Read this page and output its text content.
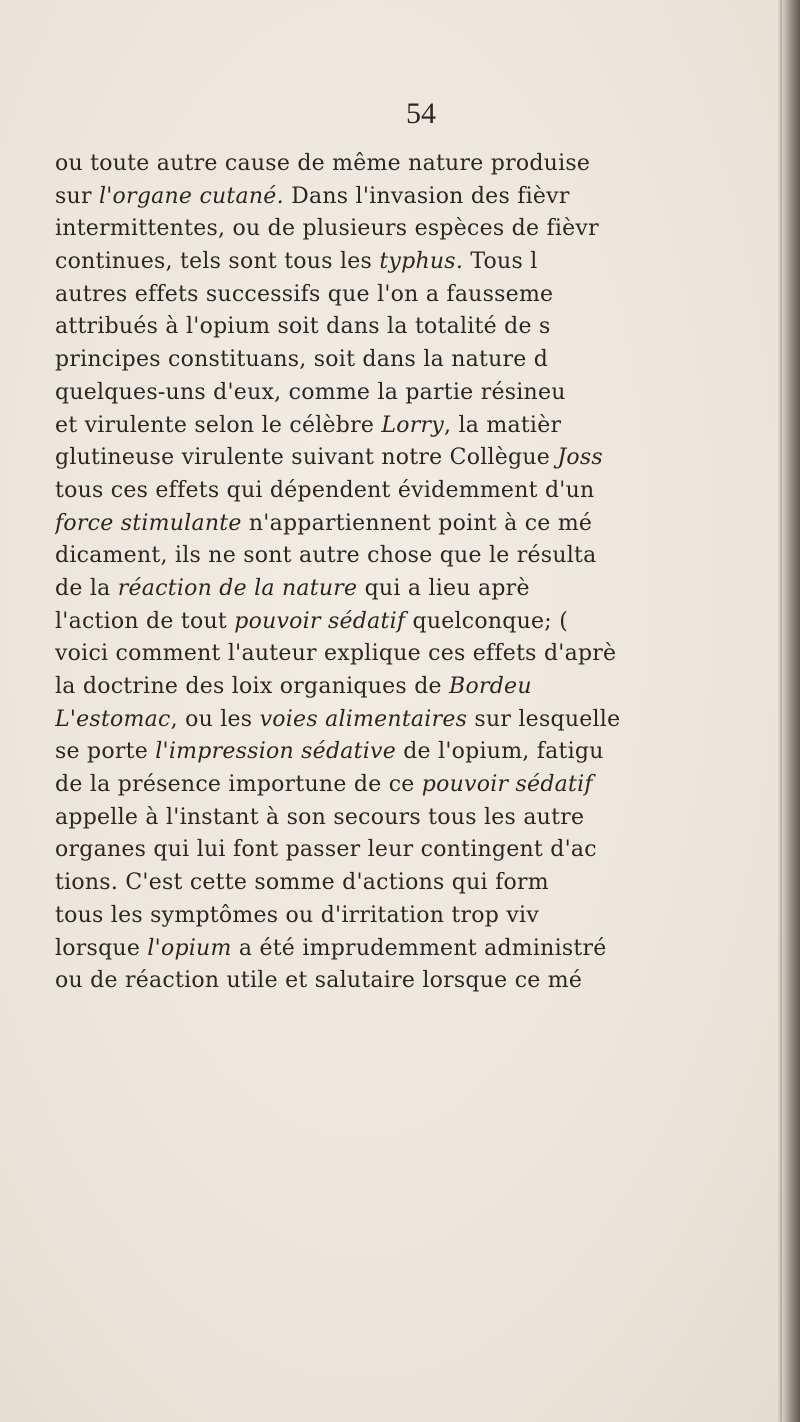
54
ou toute autre cause de même nature produise
sur l'organe cutané. Dans l'invasion des fièvr
intermittentes, ou de plusieurs espèces de fièvr
continues, tels sont tous les typhus. Tous l
autres effets successifs que l'on a fausseme
attribués à l'opium soit dans la totalité de s
principes constituans, soit dans la nature d
quelques-uns d'eux, comme la partie résineu
et virulente selon le célèbre Lorry, la matièr
glutineuse virulente suivant notre Collègue Joss
tous ces effets qui dépendent évidemment d'un
force stimulante n'appartiennent point à ce mé
dicament, ils ne sont autre chose que le résulta
de la réaction de la nature qui a lieu aprè
l'action de tout pouvoir sédatif quelconque; (
voici comment l'auteur explique ces effets d'aprè
la doctrine des loix organiques de Bordeu
L'estomac, ou les voies alimentaires sur lesquelle
se porte l'impression sédative de l'opium, fatigu
de la présence importune de ce pouvoir sédatif
appelle à l'instant à son secours tous les autre
organes qui lui font passer leur contingent d'ac
tions. C'est cette somme d'actions qui form
tous les symptômes ou d'irritation trop viv
lorsque l'opium a été imprudemment administré
ou de réaction utile et salutaire lorsque ce mé
